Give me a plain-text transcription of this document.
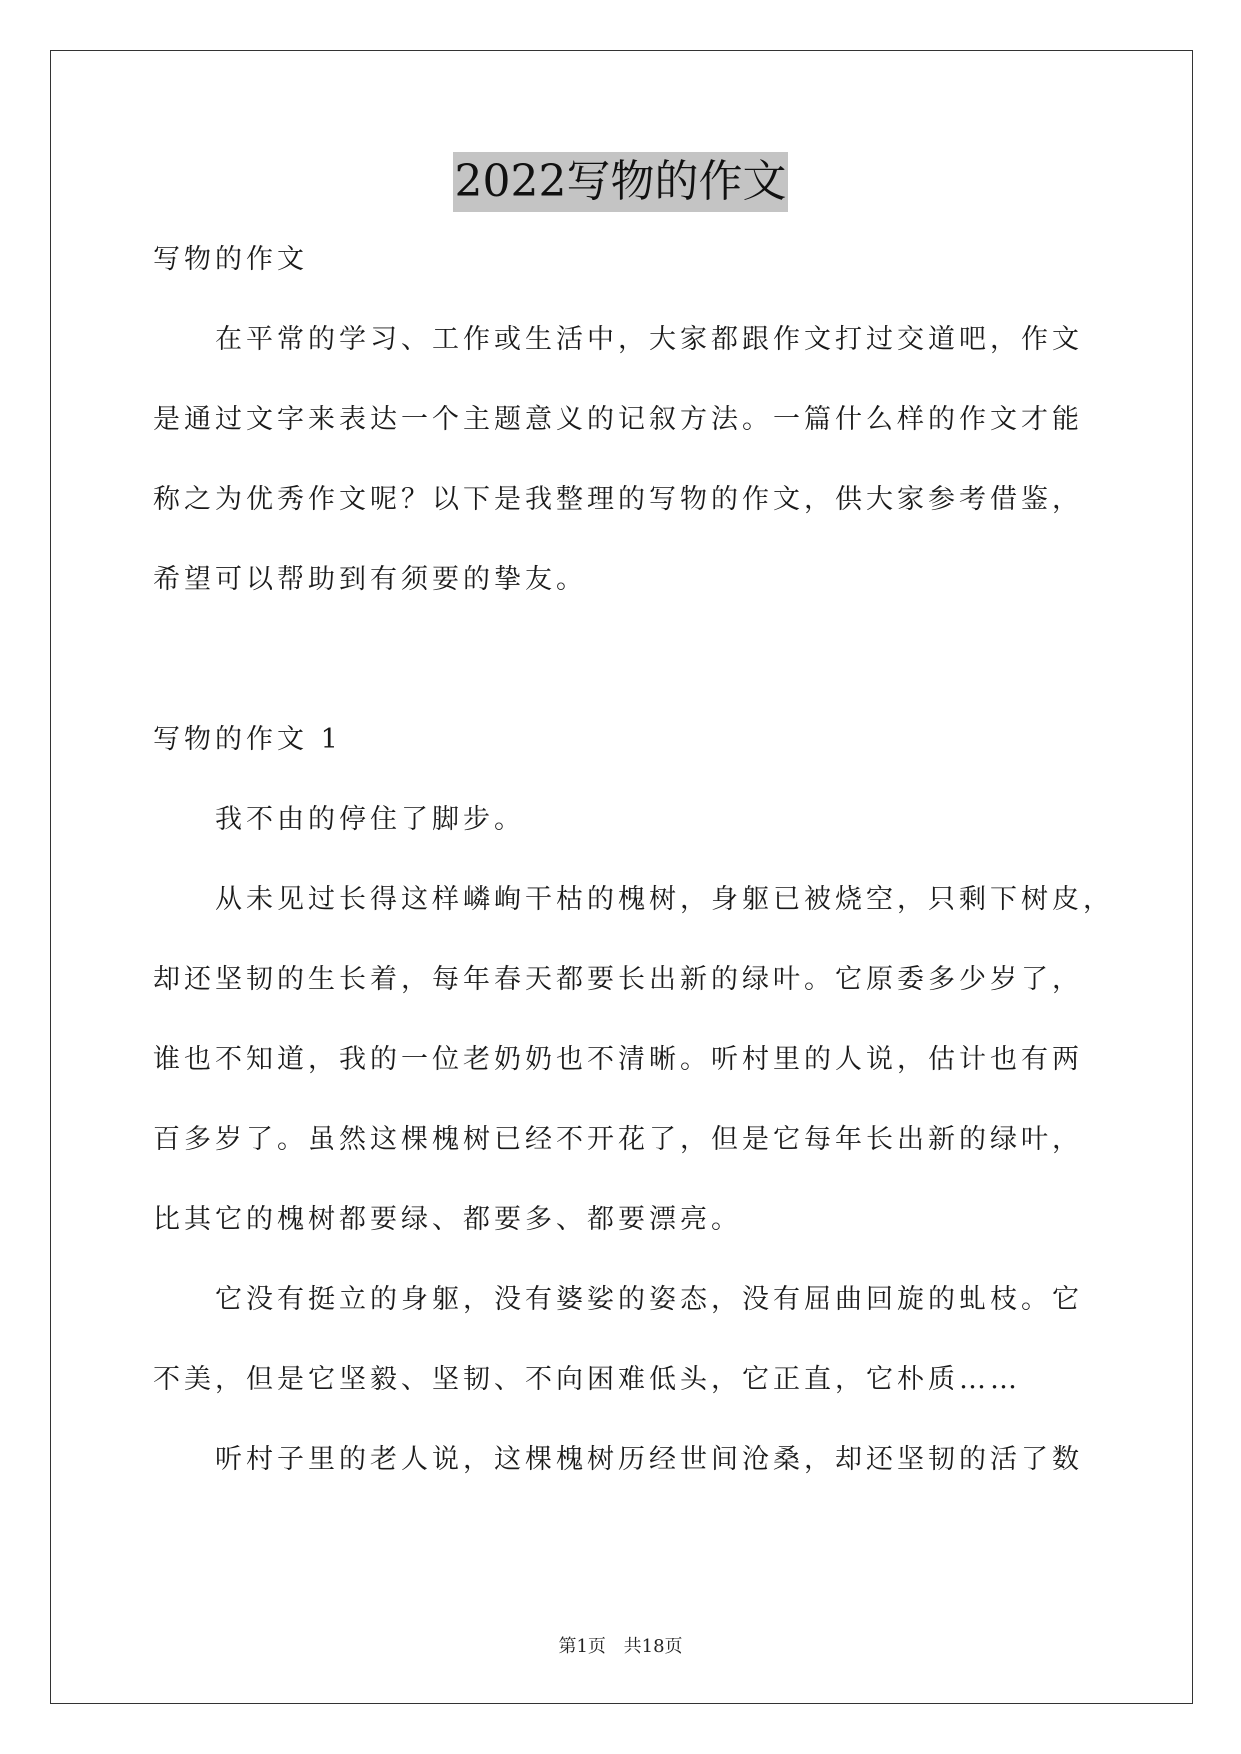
2022写物的作文

写物的作文

在平常的学习、工作或生活中，大家都跟作文打过交道吧，作文
是通过文字来表达一个主题意义的记叙方法。一篇什么样的作文才能
称之为优秀作文呢？以下是我整理的写物的作文，供大家参考借鉴，
希望可以帮助到有须要的挚友。

写物的作文 1

我不由的停住了脚步。
从未见过长得这样嶙峋干枯的槐树，身躯已被烧空，只剩下树皮，
却还坚韧的生长着，每年春天都要长出新的绿叶。它原委多少岁了，
谁也不知道，我的一位老奶奶也不清晰。听村里的人说，估计也有两
百多岁了。虽然这棵槐树已经不开花了，但是它每年长出新的绿叶，
比其它的槐树都要绿、都要多、都要漂亮。
它没有挺立的身躯，没有婆娑的姿态，没有屈曲回旋的虬枝。它
不美，但是它坚毅、坚韧、不向困难低头，它正直，它朴质……
听村子里的老人说，这棵槐树历经世间沧桑，却还坚韧的活了数
第1页 共18页
